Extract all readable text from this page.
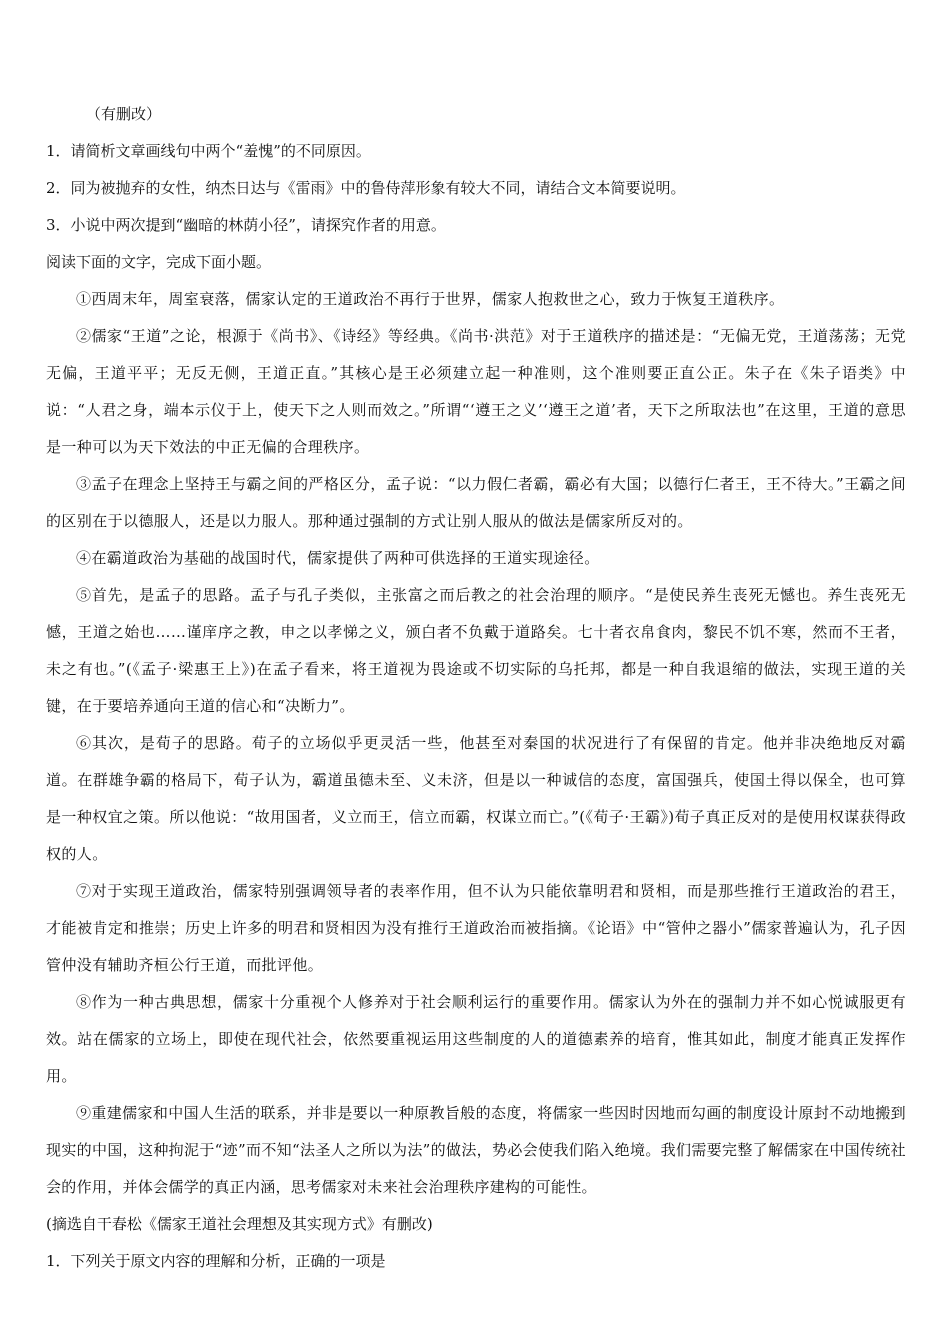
（有删改）
1．请简析文章画线句中两个“羞愧”的不同原因。
2．同为被抛弃的女性，纳杰日达与《雷雨》中的鲁侍萍形象有较大不同，请结合文本简要说明。
3．小说中两次提到“幽暗的林荫小径”，请探究作者的用意。
阅读下面的文字，完成下面小题。
①西周末年，周室衰落，儒家认定的王道政治不再行于世界，儒家人抱救世之心，致力于恢复王道秩序。
②儒家“王道”之论，根源于《尚书》、《诗经》等经典。《尚书·洪范》对于王道秩序的描述是：“无偏无党，王道荡荡；无党无偏，王道平平；无反无侧，王道正直。”其核心是王必须建立起一种准则，这个准则要正直公正。朱子在《朱子语类》中说：“人君之身，端本示仪于上，使天下之人则而效之。”所谓“‘遵王之义’‘遵王之道’者，天下之所取法也”在这里，王道的意思是一种可以为天下效法的中正无偏的合理秩序。
③孟子在理念上坚持王与霸之间的严格区分，孟子说：“以力假仁者霸，霸必有大国；以德行仁者王，王不待大。”王霸之间的区别在于以德服人，还是以力服人。那种通过强制的方式让别人服从的做法是儒家所反对的。
④在霸道政治为基础的战国时代，儒家提供了两种可供选择的王道实现途径。
⑤首先，是孟子的思路。孟子与孔子类似，主张富之而后教之的社会治理的顺序。“是使民养生丧死无憾也。养生丧死无憾，王道之始也……谨庠序之教，申之以孝悌之义，颁白者不负戴于道路矣。七十者衣帛食肉，黎民不饥不寒，然而不王者，未之有也。”(《孟子·梁惠王上》)在孟子看来，将王道视为畏途或不切实际的乌托邦，都是一种自我退缩的做法，实现王道的关键，在于要培养通向王道的信心和“决断力”。
⑥其次，是荀子的思路。荀子的立场似乎更灵活一些，他甚至对秦国的状况进行了有保留的肯定。他并非决绝地反对霸道。在群雄争霸的格局下，荀子认为，霸道虽德未至、义未济，但是以一种诚信的态度，富国强兵，使国土得以保全，也可算是一种权宜之策。所以他说：“故用国者，义立而王，信立而霸，权谋立而亡。”(《荀子·王霸》)荀子真正反对的是使用权谋获得政权的人。
⑦对于实现王道政治，儒家特别强调领导者的表率作用，但不认为只能依靠明君和贤相，而是那些推行王道政治的君王，才能被肯定和推崇；历史上许多的明君和贤相因为没有推行王道政治而被指摘。《论语》中“管仲之器小”儒家普遍认为，孔子因管仲没有辅助齐桓公行王道，而批评他。
⑧作为一种古典思想，儒家十分重视个人修养对于社会顺利运行的重要作用。儒家认为外在的强制力并不如心悦诚服更有效。站在儒家的立场上，即使在现代社会，依然要重视运用这些制度的人的道德素养的培育，惟其如此，制度才能真正发挥作用。
⑨重建儒家和中国人生活的联系，并非是要以一种原教旨般的态度，将儒家一些因时因地而勾画的制度设计原封不动地搬到现实的中国，这种拘泥于“迹”而不知“法圣人之所以为法”的做法，势必会使我们陷入绝境。我们需要完整了解儒家在中国传统社会的作用，并体会儒学的真正内涵，思考儒家对未来社会治理秩序建构的可能性。
(摘选自干春松《儒家王道社会理想及其实现方式》有删改)
1．下列关于原文内容的理解和分析，正确的一项是
